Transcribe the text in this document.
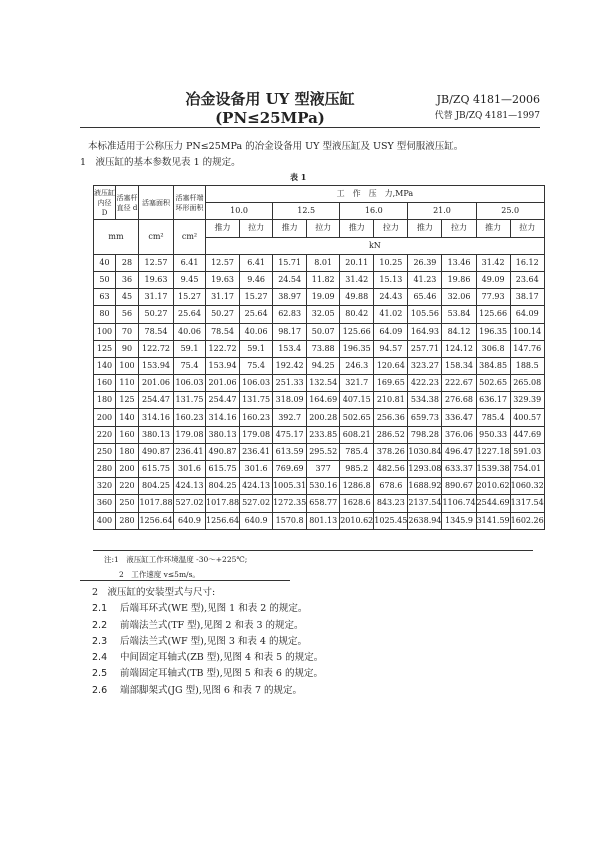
冶金设备用 UY 型液压缸
(PN≤25MPa)
JB/ZQ 4181—2006
代替 JB/ZQ 4181—1997
本标准适用于公称压力 PN≤25MPa 的冶金设备用 UY 型液压缸及 USY 型伺服液压缸。
1　液压缸的基本参数见表 1 的规定。
表 1
液压缸内径 D	活塞杆直径 d	活塞面积	活塞杆端环形面积	工　作　压　力,MPa									
				10.0		12.5		16.0		21.0		25.0	
mm		cm²	cm²	推力	拉力	推力	拉力	推力	拉力	推力	拉力	推力	拉力
				kN									
40	28	12.57	6.41	12.57	6.41	15.71	8.01	20.11	10.25	26.39	13.46	31.42	16.12
50	36	19.63	9.45	19.63	9.46	24.54	11.82	31.42	15.13	41.23	19.86	49.09	23.64
63	45	31.17	15.27	31.17	15.27	38.97	19.09	49.88	24.43	65.46	32.06	77.93	38.17
80	56	50.27	25.64	50.27	25.64	62.83	32.05	80.42	41.02	105.56	53.84	125.66	64.09
100	70	78.54	40.06	78.54	40.06	98.17	50.07	125.66	64.09	164.93	84.12	196.35	100.14
125	90	122.72	59.1	122.72	59.1	153.4	73.88	196.35	94.57	257.71	124.12	306.8	147.76
140	100	153.94	75.4	153.94	75.4	192.42	94.25	246.3	120.64	323.27	158.34	384.85	188.5
160	110	201.06	106.03	201.06	106.03	251.33	132.54	321.7	169.65	422.23	222.67	502.65	265.08
180	125	254.47	131.75	254.47	131.75	318.09	164.69	407.15	210.81	534.38	276.68	636.17	329.39
200	140	314.16	160.23	314.16	160.23	392.7	200.28	502.65	256.36	659.73	336.47	785.4	400.57
220	160	380.13	179.08	380.13	179.08	475.17	233.85	608.21	286.52	798.28	376.06	950.33	447.69
250	180	490.87	236.41	490.87	236.41	613.59	295.52	785.4	378.26	1030.84	496.47	1227.18	591.03
280	200	615.75	301.6	615.75	301.6	769.69	377	985.2	482.56	1293.08	633.37	1539.38	754.01
320	220	804.25	424.13	804.25	424.13	1005.31	530.16	1286.8	678.6	1688.92	890.67	2010.62	1060.32
360	250	1017.88	527.02	1017.88	527.02	1272.35	658.77	1628.6	843.23	2137.54	1106.74	2544.69	1317.54
400	280	1256.64	640.9	1256.64	640.9	1570.8	801.13	2010.62	1025.45	2638.94	1345.9	3141.59	1602.26
注:1　液压缸工作环境温度 -30～+225℃;
　　2　工作速度 v≤5m/s。
2　液压缸的安装型式与尺寸:
2.1 后端耳环式(WE 型),见图 1 和表 2 的规定。
2.2 前端法兰式(TF 型),见图 2 和表 3 的规定。
2.3 后端法兰式(WF 型),见图 3 和表 4 的规定。
2.4 中间固定耳轴式(ZB 型),见图 4 和表 5 的规定。
2.5 前端固定耳轴式(TB 型),见图 5 和表 6 的规定。
2.6 端部脚架式(JG 型),见图 6 和表 7 的规定。
